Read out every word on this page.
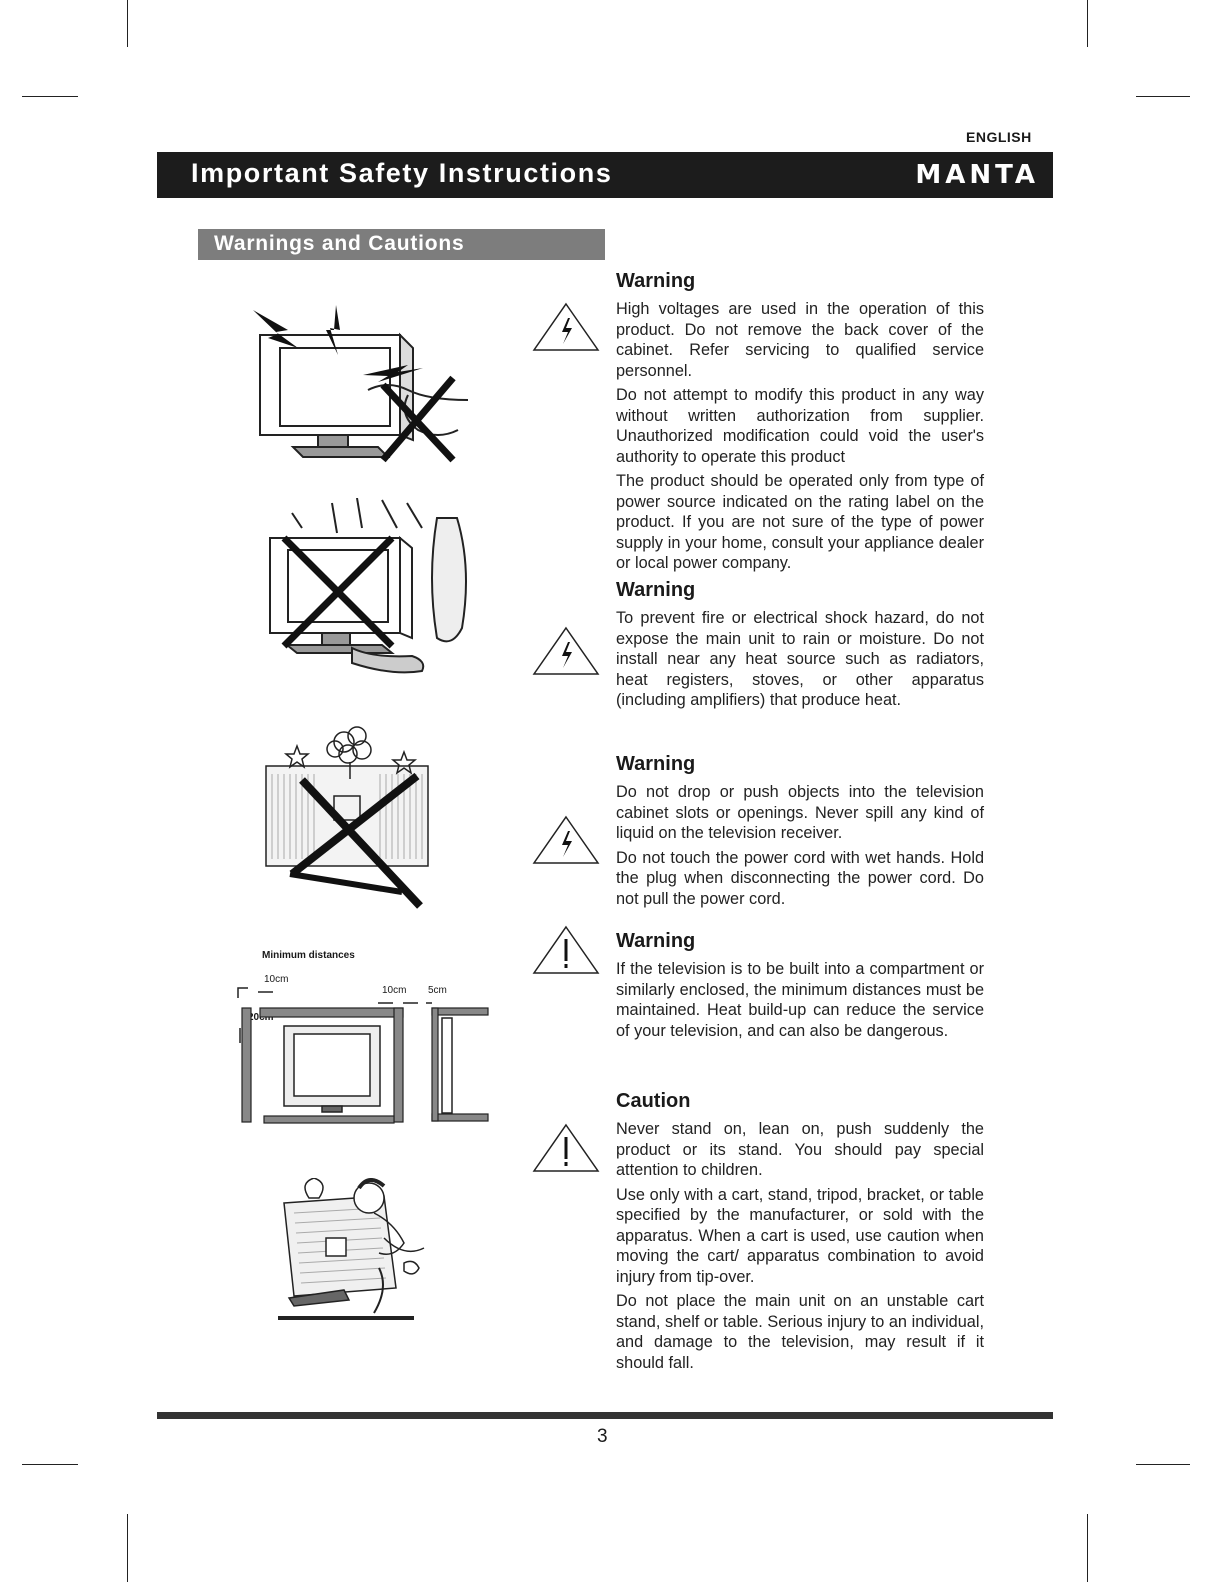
ENGLISH
Important Safety Instructions	MANTA
Warnings and Cautions
Minimum distances
10cm
10cm 5cm
Warning

High voltages are used in the operation of this product. Do not remove the back cover of the cabinet. Refer servicing to qualified service personnel.

Do not attempt to modify this product in any way without written authorization from supplier. Unauthorized modification could void the user's authority to operate this product

The product should be operated only from type of power source indicated on the rating label on the product. If you are not sure of the type of power supply in your home, consult your appliance dealer or local power company.

Warning

To prevent fire or electrical shock hazard, do not expose the main unit to rain or moisture. Do not install near any heat source such as radiators, heat registers, stoves, or other apparatus (including amplifiers) that produce heat.

Warning

Do not drop or push objects into the television cabinet slots or openings. Never spill any kind of liquid on the television receiver.

Do not touch the power cord with wet hands. Hold the plug when disconnecting the power cord. Do not pull the power cord.

Warning

If the television is to be built into a compartment or similarly enclosed, the minimum distances must be maintained. Heat build-up can reduce the service of your television, and can also be dangerous.

Caution

Never stand on, lean on, push suddenly the product or its stand. You should pay special attention to children.

Use only with a cart, stand, tripod, bracket, or table specified by the manufacturer, or sold with the apparatus. When a cart is used, use caution when moving the cart/ apparatus combination to avoid injury from tip-over.

Do not place the main unit on an unstable cart stand, shelf or table. Serious injury to an individual, and damage to the television, may result if it should fall.

3
